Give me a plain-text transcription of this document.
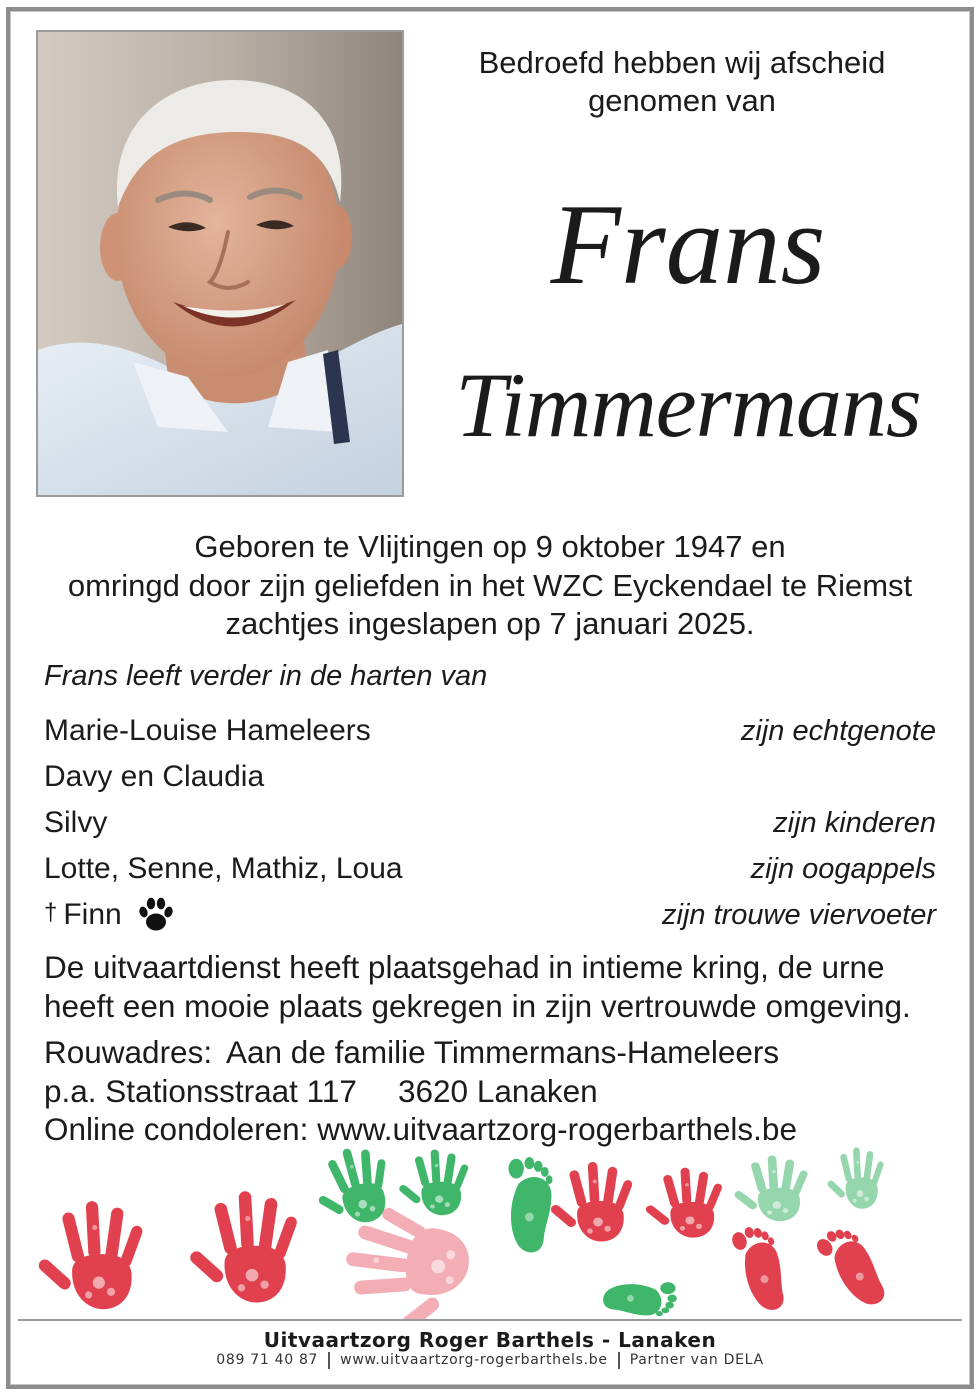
Bedroefd hebben wij afscheid
genomen van
Frans
Timmermans
Geboren te Vlijtingen op 9 oktober 1947 en
omringd door zijn geliefden in het WZC Eyckendael te Riemst
zachtjes ingeslapen op 7 januari 2025.
Frans leeft verder in de harten van
Marie-Louise Hameleers	zijn echtgenote
Davy en Claudia
Silvy	zijn kinderen
Lotte, Senne, Mathiz, Loua	zijn oogappels
† Finn	zijn trouwe viervoeter
De uitvaartdienst heeft plaatsgehad in intieme kring, de urne
heeft een mooie plaats gekregen in zijn vertrouwde omgeving.
Rouwadres: Aan de familie Timmermans-Hameleers
p.a. Stationsstraat 117 3620 Lanaken
Online condoleren: www.uitvaartzorg-rogerbarthels.be
Uitvaartzorg Roger Barthels - Lanaken
089 71 40 87 www.uitvaartzorg-rogerbarthels.be Partner van DELA
